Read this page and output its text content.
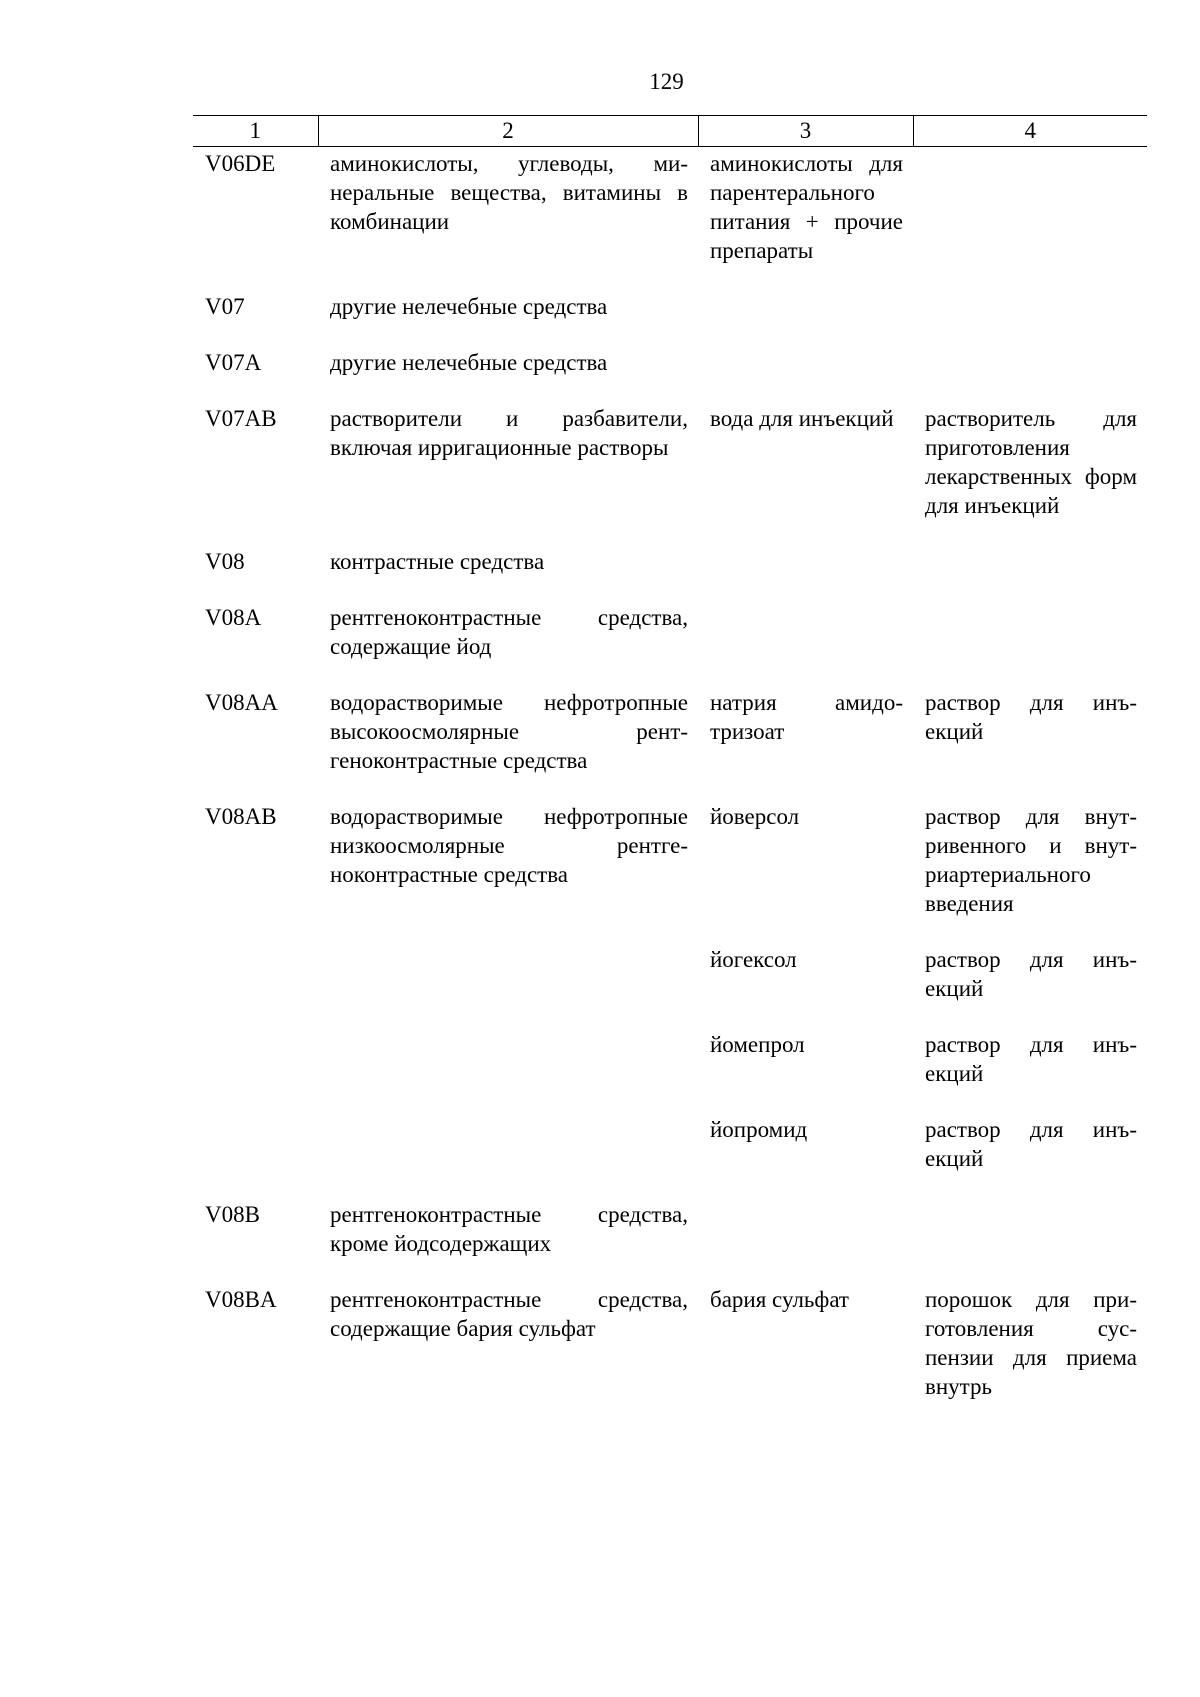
129
1	2	3	4
V06DE	аминокислоты, углеводы, минеральные вещества, витамины в комбинации	аминокислоты для парентерального питания + прочие препараты	
V07	другие нелечебные средства		
V07A	другие нелечебные средства		
V07AB	растворители и разбавители, включая ирригационные растворы	вода для инъекций	растворитель для приготовления лекарственных форм для инъекций
V08	контрастные средства		
V08A	рентгеноконтрастные средства, содержащие йод		
V08AA	водорастворимые нефротропные высокоосмолярные рентгеноконтрастные средства	натрия амидотризоат	раствор для инъекций
V08AB	водорастворимые нефротропные низкоосмолярные рентгеноконтрастные средства	йоверсол	раствор для внутривенного и внутриартериального введения
		йогексол	раствор для инъекций
		йомепрол	раствор для инъекций
		йопромид	раствор для инъекций
V08B	рентгеноконтрастные средства, кроме йодсодержащих		
V08BA	рентгеноконтрастные средства, содержащие бария сульфат	бария сульфат	порошок для приготовления суспензии для приема внутрь
